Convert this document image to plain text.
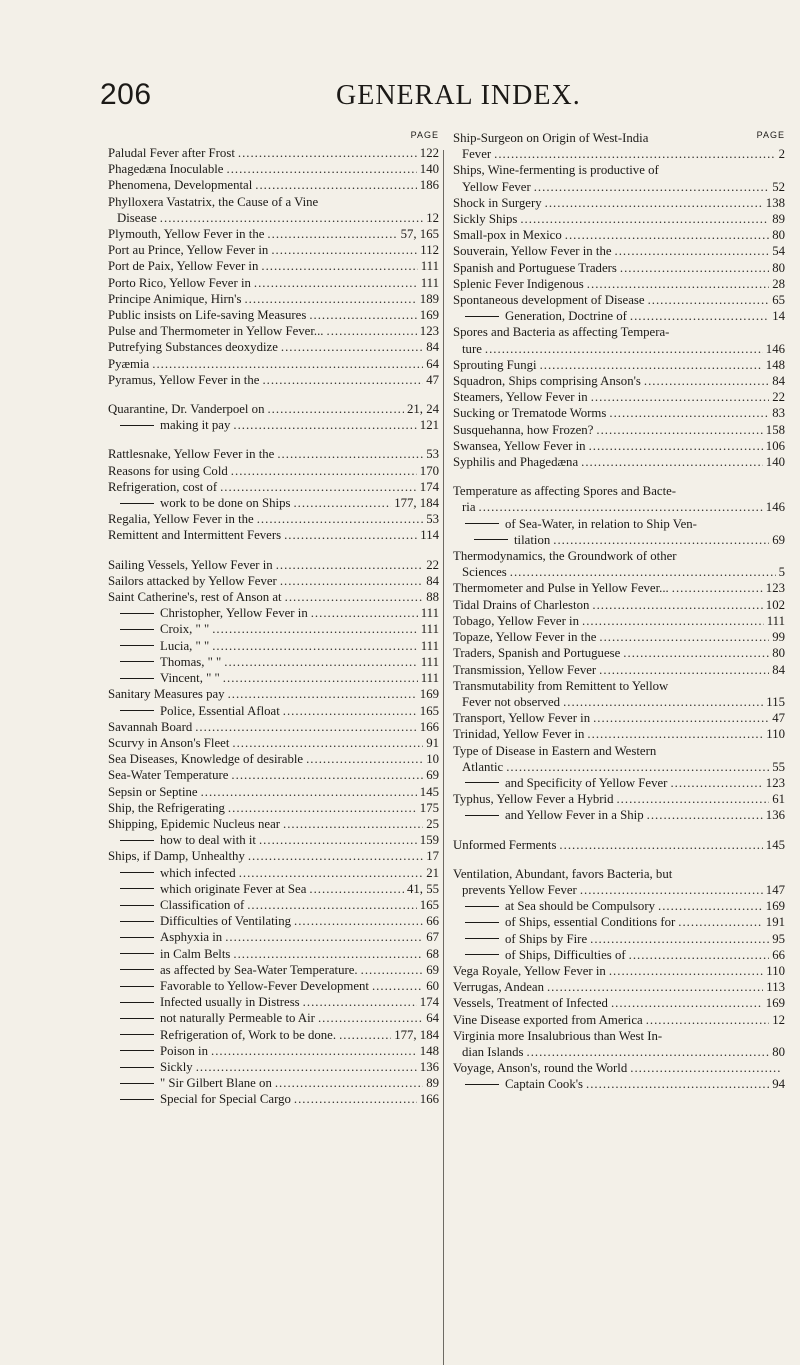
206	GENERAL INDEX.
PAGE
Paludal Fever after Frost .....	122
Phagedæna Inoculable .....	140
Phenomena, Developmental .....	186
Phylloxera Vastatrix, the Cause of a Vine
Disease .....	12
Plymouth, Yellow Fever in the .....	57, 165
Port au Prince, Yellow Fever in .....	112
Port de Paix, Yellow Fever in .....	111
Porto Rico, Yellow Fever in .....	111
Principe Animique, Hirn's .....	189
Public insists on Life-saving Measures .....	169
Pulse and Thermometer in Yellow Fever... .....	123
Putrefying Substances deoxydize .....	84
Pyæmia .....	64
Pyramus, Yellow Fever in the .....	47
Quarantine, Dr. Vanderpoel on .....	21, 24
making it pay .....	121
Rattlesnake, Yellow Fever in the .....	53
Reasons for using Cold .....	170
Refrigeration, cost of .....	174
work to be done on Ships .....	177, 184
Regalia, Yellow Fever in the .....	53
Remittent and Intermittent Fevers .....	114
Sailing Vessels, Yellow Fever in .....	22
Sailors attacked by Yellow Fever .....	84
Saint Catherine's, rest of Anson at .....	88
Christopher, Yellow Fever in .....	111
Croix, " " .....	111
Lucia, " " .....	111
Thomas, " " .....	111
Vincent, " " .....	111
Sanitary Measures pay .....	169
Police, Essential Afloat .....	165
Savannah Board .....	166
Scurvy in Anson's Fleet .....	91
Sea Diseases, Knowledge of desirable .....	10
Sea-Water Temperature .....	69
Sepsin or Septine .....	145
Ship, the Refrigerating .....	175
Shipping, Epidemic Nucleus near .....	25
how to deal with it .....	159
Ships, if Damp, Unhealthy .....	17
which infected .....	21
which originate Fever at Sea .....	41, 55
Classification of .....	165
Difficulties of Ventilating .....	66
Asphyxia in .....	67
in Calm Belts .....	68
as affected by Sea-Water Temperature. .....	69
Favorable to Yellow-Fever Development .....	60
Infected usually in Distress .....	174
not naturally Permeable to Air .....	64
Refrigeration of, Work to be done. .....	177, 184
Poison in .....	148
Sickly .....	136
" Sir Gilbert Blane on .....	89
Special for Special Cargo .....	166
PAGE
Ship-Surgeon on Origin of West-India
Fever .....	2
Ships, Wine-fermenting is productive of
Yellow Fever .....	52
Shock in Surgery .....	138
Sickly Ships .....	89
Small-pox in Mexico .....	80
Souverain, Yellow Fever in the .....	54
Spanish and Portuguese Traders .....	80
Splenic Fever Indigenous .....	28
Spontaneous development of Disease .....	65
Generation, Doctrine of .....	14
Spores and Bacteria as affecting Tempera-
ture .....	146
Sprouting Fungi .....	148
Squadron, Ships comprising Anson's .....	84
Steamers, Yellow Fever in .....	22
Sucking or Trematode Worms .....	83
Susquehanna, how Frozen? .....	158
Swansea, Yellow Fever in .....	106
Syphilis and Phagedæna .....	140
Temperature as affecting Spores and Bacte-
ria .....	146
of Sea-Water, in relation to Ship Ven-
tilation .....	69
Thermodynamics, the Groundwork of other
Sciences .....	5
Thermometer and Pulse in Yellow Fever... .....	123
Tidal Drains of Charleston .....	102
Tobago, Yellow Fever in .....	111
Topaze, Yellow Fever in the .....	99
Traders, Spanish and Portuguese .....	80
Transmission, Yellow Fever .....	84
Transmutability from Remittent to Yellow
Fever not observed .....	115
Transport, Yellow Fever in .....	47
Trinidad, Yellow Fever in .....	110
Type of Disease in Eastern and Western
Atlantic .....	55
and Specificity of Yellow Fever .....	123
Typhus, Yellow Fever a Hybrid .....	61
and Yellow Fever in a Ship .....	136
Unformed Ferments .....	145
Ventilation, Abundant, favors Bacteria, but
prevents Yellow Fever .....	147
at Sea should be Compulsory .....	169
of Ships, essential Conditions for .....	191
of Ships by Fire .....	95
of Ships, Difficulties of .....	66
Vega Royale, Yellow Fever in .....	110
Verrugas, Andean .....	113
Vessels, Treatment of Infected .....	169
Vine Disease exported from America .....	12
Virginia more Insalubrious than West In-
dian Islands .....	80
Voyage, Anson's, round the World
.....
Captain Cook's .....	94
